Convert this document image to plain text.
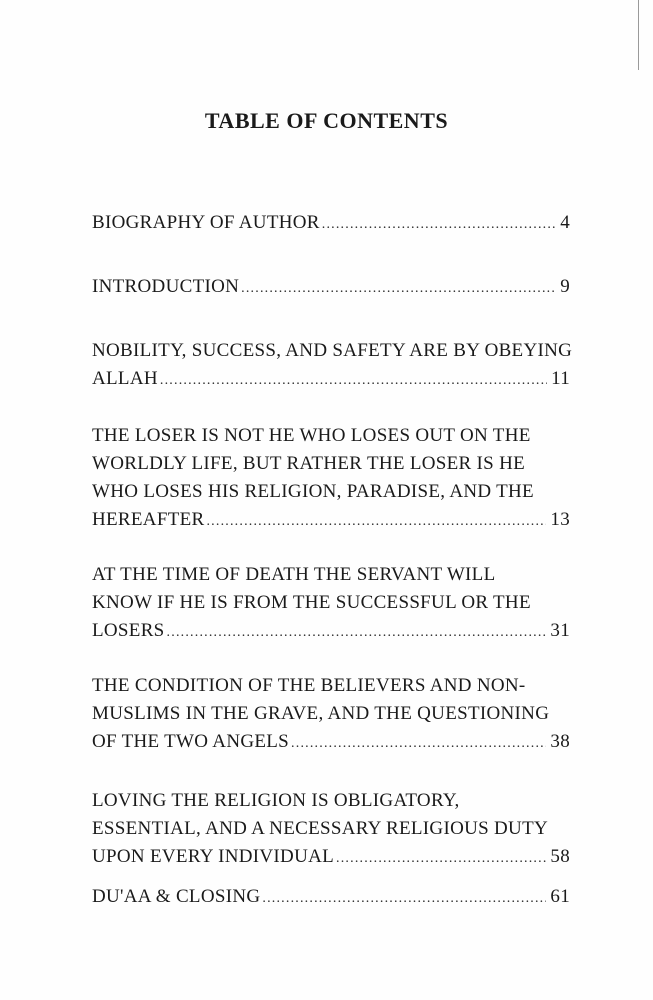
TABLE OF CONTENTS
BIOGRAPHY OF AUTHOR .....	4
INTRODUCTION .....	9
NOBILITY, SUCCESS, AND SAFETY ARE BY OBEYING
ALLAH .....	11
THE LOSER IS NOT HE WHO LOSES OUT ON THE
WORLDLY LIFE, BUT RATHER THE LOSER IS HE
WHO LOSES HIS RELIGION, PARADISE, AND THE
HEREAFTER .....	13
AT THE TIME OF DEATH THE SERVANT WILL
KNOW IF HE IS FROM THE SUCCESSFUL OR THE
LOSERS .....	31
THE CONDITION OF THE BELIEVERS AND NON-
MUSLIMS IN THE GRAVE, AND THE QUESTIONING
OF THE TWO ANGELS .....	38
LOVING THE RELIGION IS OBLIGATORY,
ESSENTIAL, AND A NECESSARY RELIGIOUS DUTY
UPON EVERY INDIVIDUAL .....	58
DU'AA & CLOSING .....	61
